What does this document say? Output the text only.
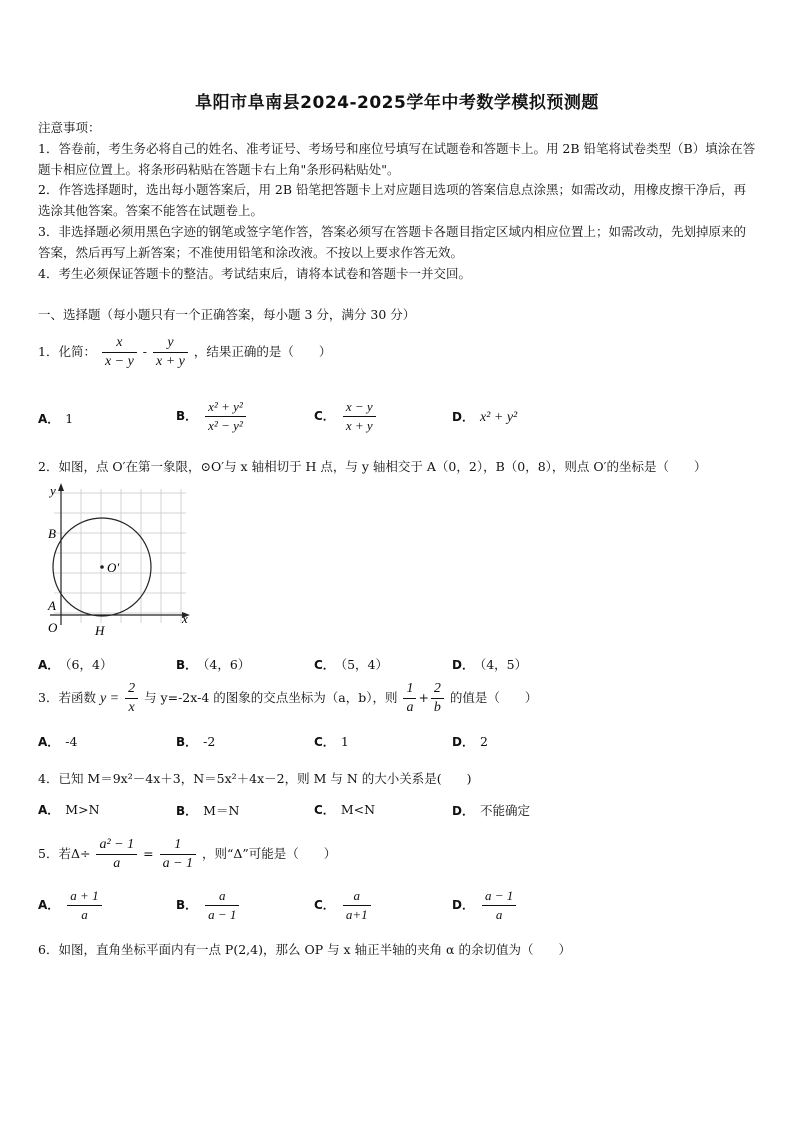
阜阳市阜南县2024-2025学年中考数学模拟预测题

注意事项：

1．答卷前，考生务必将自己的姓名、准考证号、考场号和座位号填写在试题卷和答题卡上。用 2B 铅笔将试卷类型（B）填涂在答题卡相应位置上。将条形码粘贴在答题卡右上角"条形码粘贴处"。

2．作答选择题时，选出每小题答案后，用 2B 铅笔把答题卡上对应题目选项的答案信息点涂黑；如需改动，用橡皮擦干净后，再选涂其他答案。答案不能答在试题卷上。

3．非选择题必须用黑色字迹的钢笔或签字笔作答，答案必须写在答题卡各题目指定区域内相应位置上；如需改动，先划掉原来的答案，然后再写上新答案；不准使用铅笔和涂改液。不按以上要求作答无效。

4．考生必须保证答题卡的整洁。考试结束后，请将本试卷和答题卡一并交回。

一、选择题（每小题只有一个正确答案，每小题 3 分，满分 30 分）
1．化简： $\frac{x}{x - y} - \frac{y}{x + y}$ ，结果正确的是（　　）
A． 1	B． $\frac{\text{x² + y²}}{\text{x² − y²}}$	C． $\frac{x - y}{x + y}$	D． x² + y²
2．如图，点 O′在第一象限，⊙O′与 x 轴相切于 H 点，与 y 轴相交于 A（0，2），B（0，8），则点 O′的坐标是（　　）
y
x
B
A
O	H
O′
A． （6，4）	B． （4，6）	C． （5，4）	D． （4，5）
3．若函数 $y = \frac{2}{x}$ 与 y=-2x-4 的图象的交点坐标为（a，b），则 $\frac{1}{a} + \frac{2}{b}$ 的值是（　　）
A． -4	B． -2	C． 1	D． 2
4．已知 M＝9x²－4x＋3，N＝5x²＋4x－2，则 M 与 N 的大小关系是(　　)
A． M>N	B． M＝N	C． M<N	D． 不能确定
5．若$\Delta\div \frac{\text{a² − 1}}{a} = \frac{1}{a - 1}$ ，则“Δ”可能是（　　）
A． $\frac{a + 1}{a}$	B． $\frac{a}{a - 1}$	C． $\frac{a}{a+1}$	D． $\frac{a - 1}{a}$
6．如图，直角坐标平面内有一点 P(2,4)，那么 OP 与 x 轴正半轴的夹角 α 的余切值为（　　）
